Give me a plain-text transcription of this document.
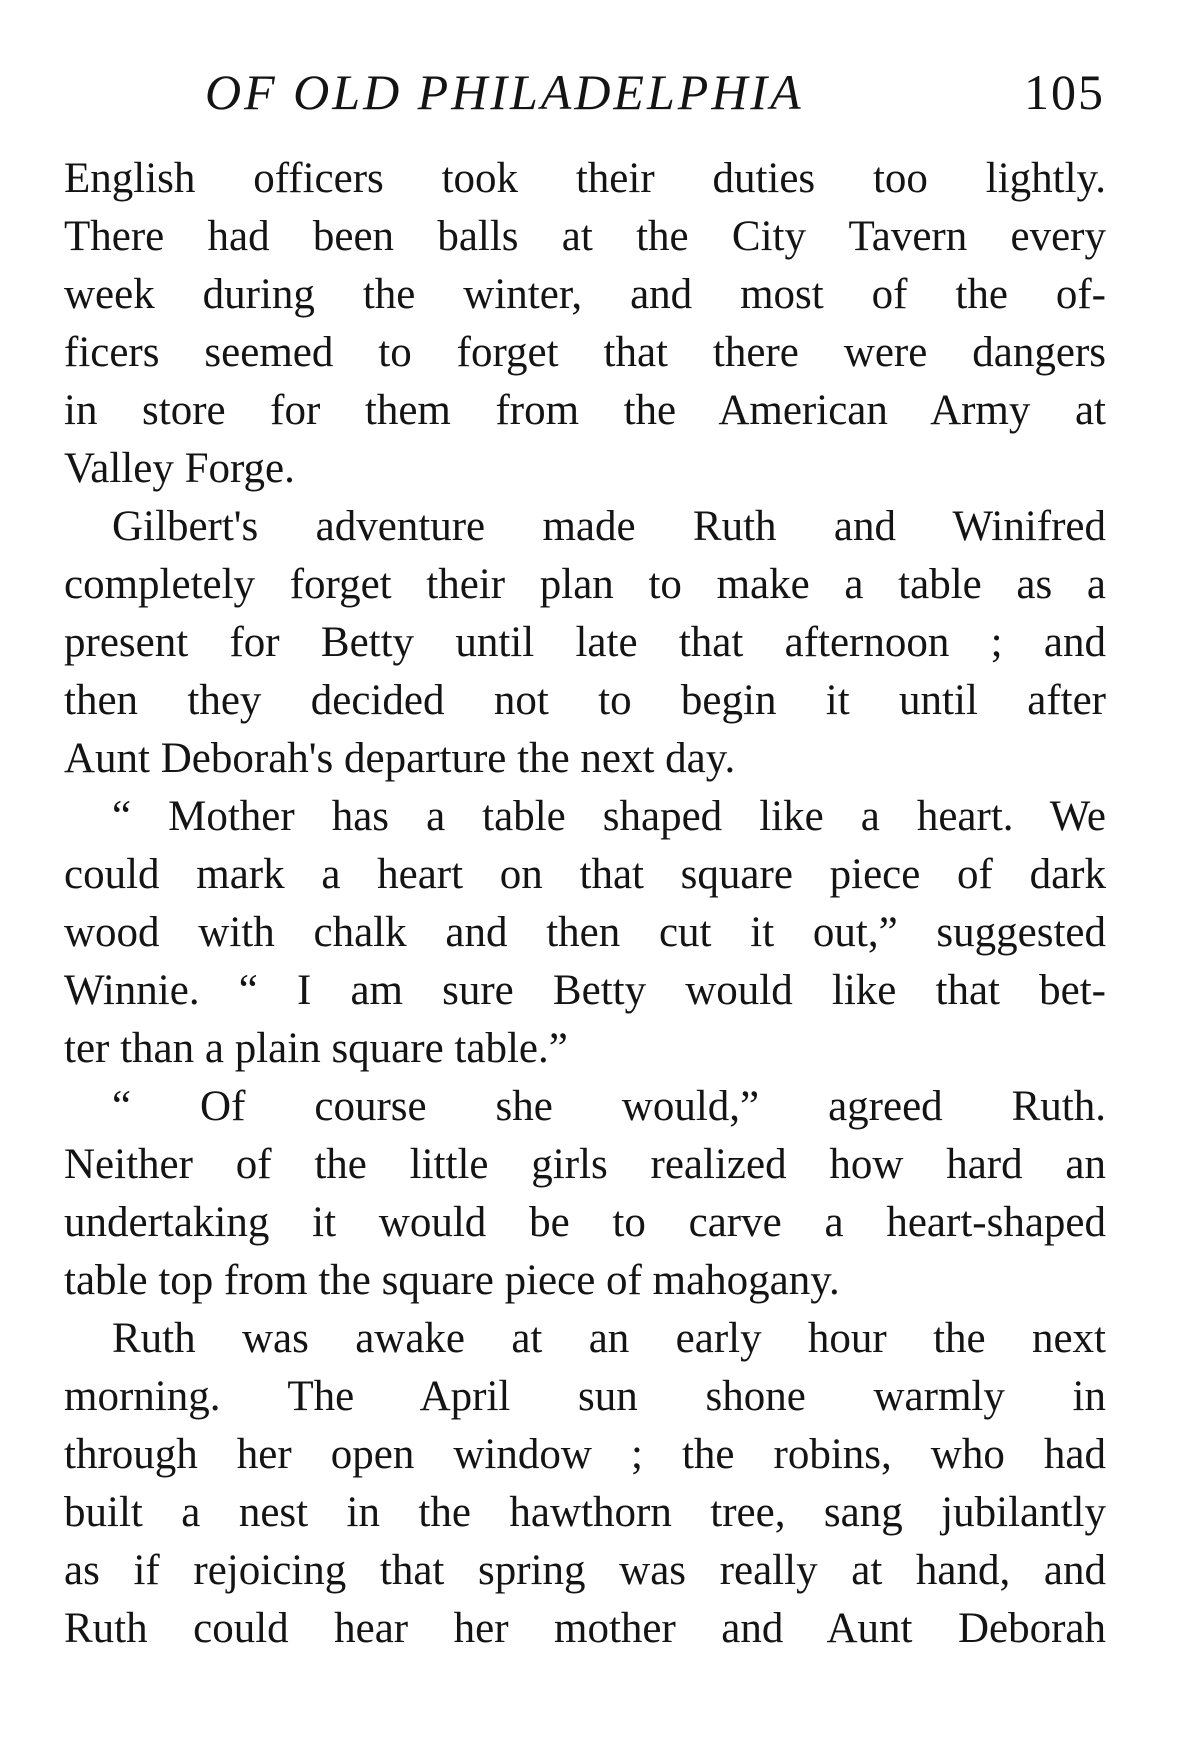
OF OLD PHILADELPHIA	105
English officers took their duties too lightly.
There had been balls at the City Tavern every
week during the winter, and most of the of-
ficers seemed to forget that there were dangers
in store for them from the American Army at
Valley Forge.
Gilbert's adventure made Ruth and Winifred
completely forget their plan to make a table as a
present for Betty until late that afternoon ; and
then they decided not to begin it until after
Aunt Deborah's departure the next day.
“ Mother has a table shaped like a heart. We
could mark a heart on that square piece of dark
wood with chalk and then cut it out,” suggested
Winnie. “ I am sure Betty would like that bet-
ter than a plain square table.”
“ Of course she would,” agreed Ruth.
Neither of the little girls realized how hard an
undertaking it would be to carve a heart-shaped
table top from the square piece of mahogany.
Ruth was awake at an early hour the next
morning. The April sun shone warmly in
through her open window ; the robins, who had
built a nest in the hawthorn tree, sang jubilantly
as if rejoicing that spring was really at hand, and
Ruth could hear her mother and Aunt Deborah
